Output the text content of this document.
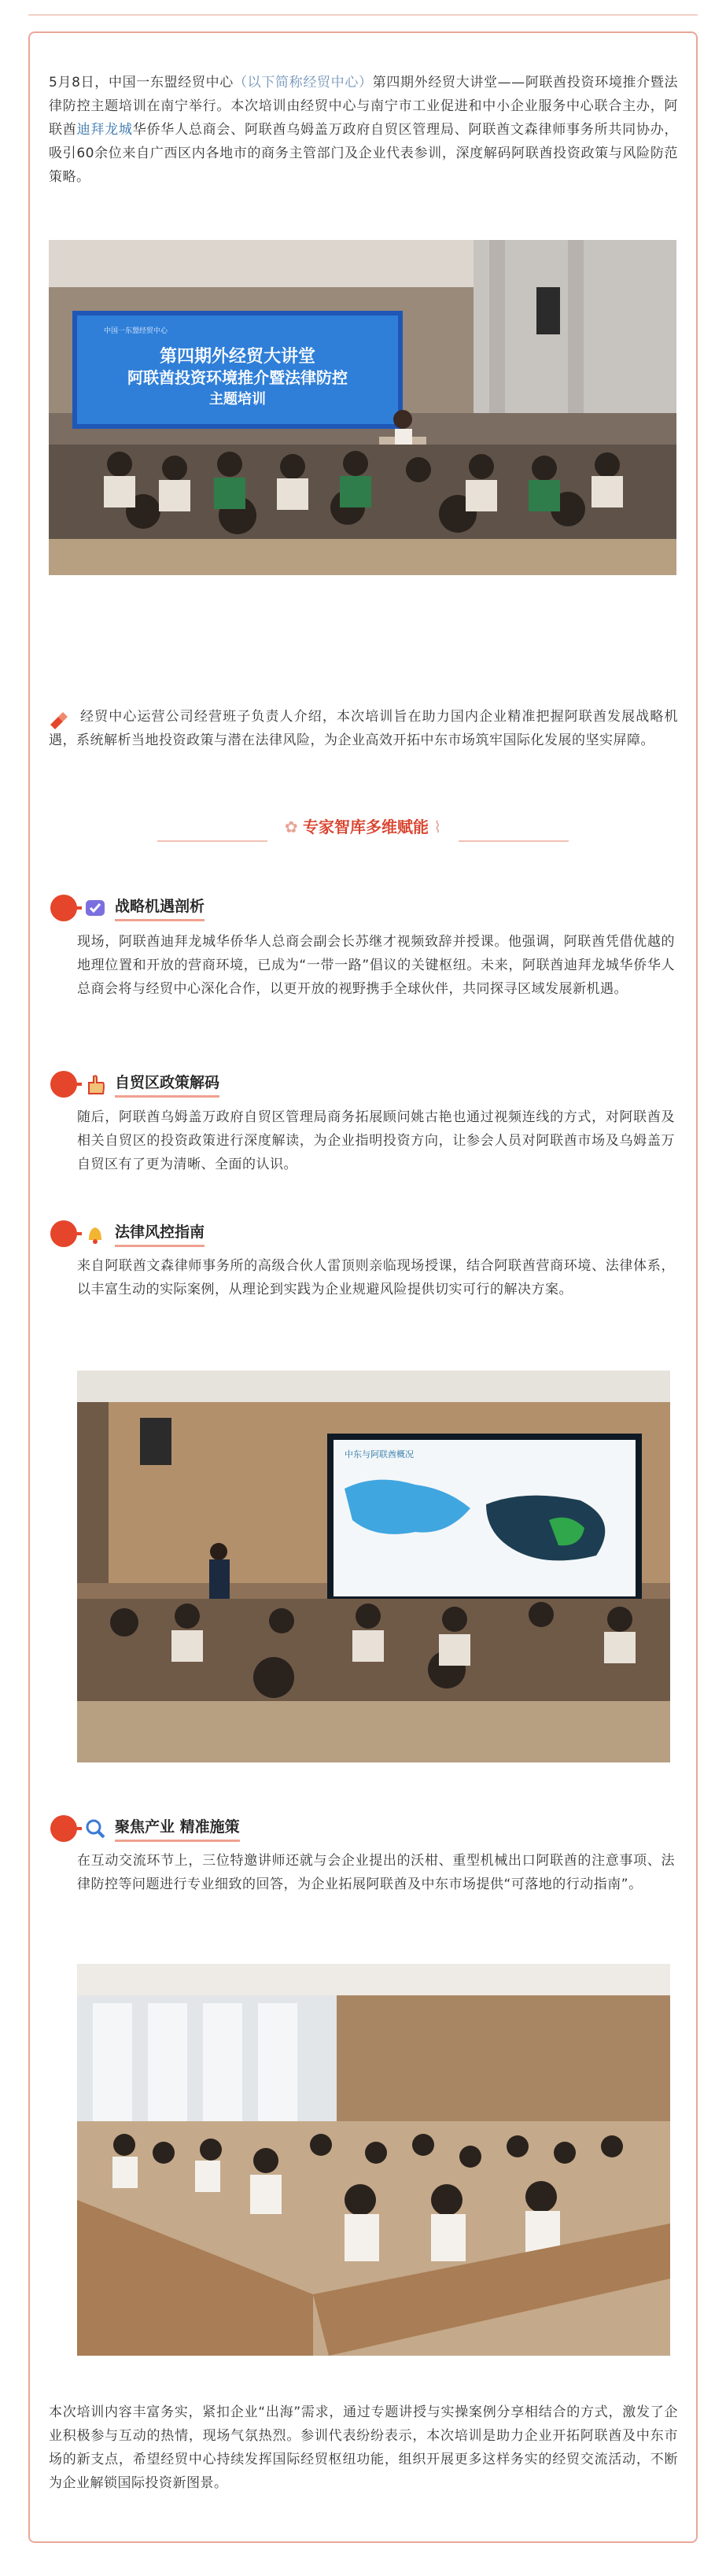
5月8日，中国一东盟经贸中心（以下简称经贸中心）第四期外经贸大讲堂——阿联酋投资环境推介暨法律防控主题培训在南宁举行。本次培训由经贸中心与南宁市工业促进和中小企业服务中心联合主办，阿联酋迪拜龙城华侨华人总商会、阿联酋乌姆盖万政府自贸区管理局、阿联酋文森律师事务所共同协办，吸引60余位来自广西区内各地市的商务主管部门及企业代表参训，深度解码阿联酋投资政策与风险防范策略。

第四期外经贸大讲堂
阿联酋投资环境推介暨法律防控
主题培训
中国一东盟经贸中心

经贸中心运营公司经营班子负责人介绍，本次培训旨在助力国内企业精准把握阿联酋发展战略机遇，系统解析当地投资政策与潜在法律风险，为企业高效开拓中东市场筑牢国际化发展的坚实屏障。

✿ 专家智库多维赋能 ⌇
战略机遇剖析

现场，阿联酋迪拜龙城华侨华人总商会副会长苏继才视频致辞并授课。他强调，阿联酋凭借优越的地理位置和开放的营商环境，已成为“一带一路”倡议的关键枢纽。未来，阿联酋迪拜龙城华侨华人总商会将与经贸中心深化合作，以更开放的视野携手全球伙伴，共同探寻区域发展新机遇。

自贸区政策解码

随后，阿联酋乌姆盖万政府自贸区管理局商务拓展顾问姚古艳也通过视频连线的方式，对阿联酋及相关自贸区的投资政策进行深度解读，为企业指明投资方向，让参会人员对阿联酋市场及乌姆盖万自贸区有了更为清晰、全面的认识。

法律风控指南

来自阿联酋文森律师事务所的高级合伙人雷顶则亲临现场授课，结合阿联酋营商环境、法律体系，以丰富生动的实际案例，从理论到实践为企业规避风险提供切实可行的解决方案。

中东与阿联酋概况
聚焦产业 精准施策

在互动交流环节上，三位特邀讲师还就与会企业提出的沃柑、重型机械出口阿联酋的注意事项、法律防控等问题进行专业细致的回答，为企业拓展阿联酋及中东市场提供“可落地的行动指南”。

本次培训内容丰富务实，紧扣企业“出海”需求，通过专题讲授与实操案例分享相结合的方式，激发了企业积极参与互动的热情，现场气氛热烈。参训代表纷纷表示，本次培训是助力企业开拓阿联酋及中东市场的新支点，希望经贸中心持续发挥国际经贸枢纽功能，组织开展更多这样务实的经贸交流活动，不断为企业解锁国际投资新图景。
